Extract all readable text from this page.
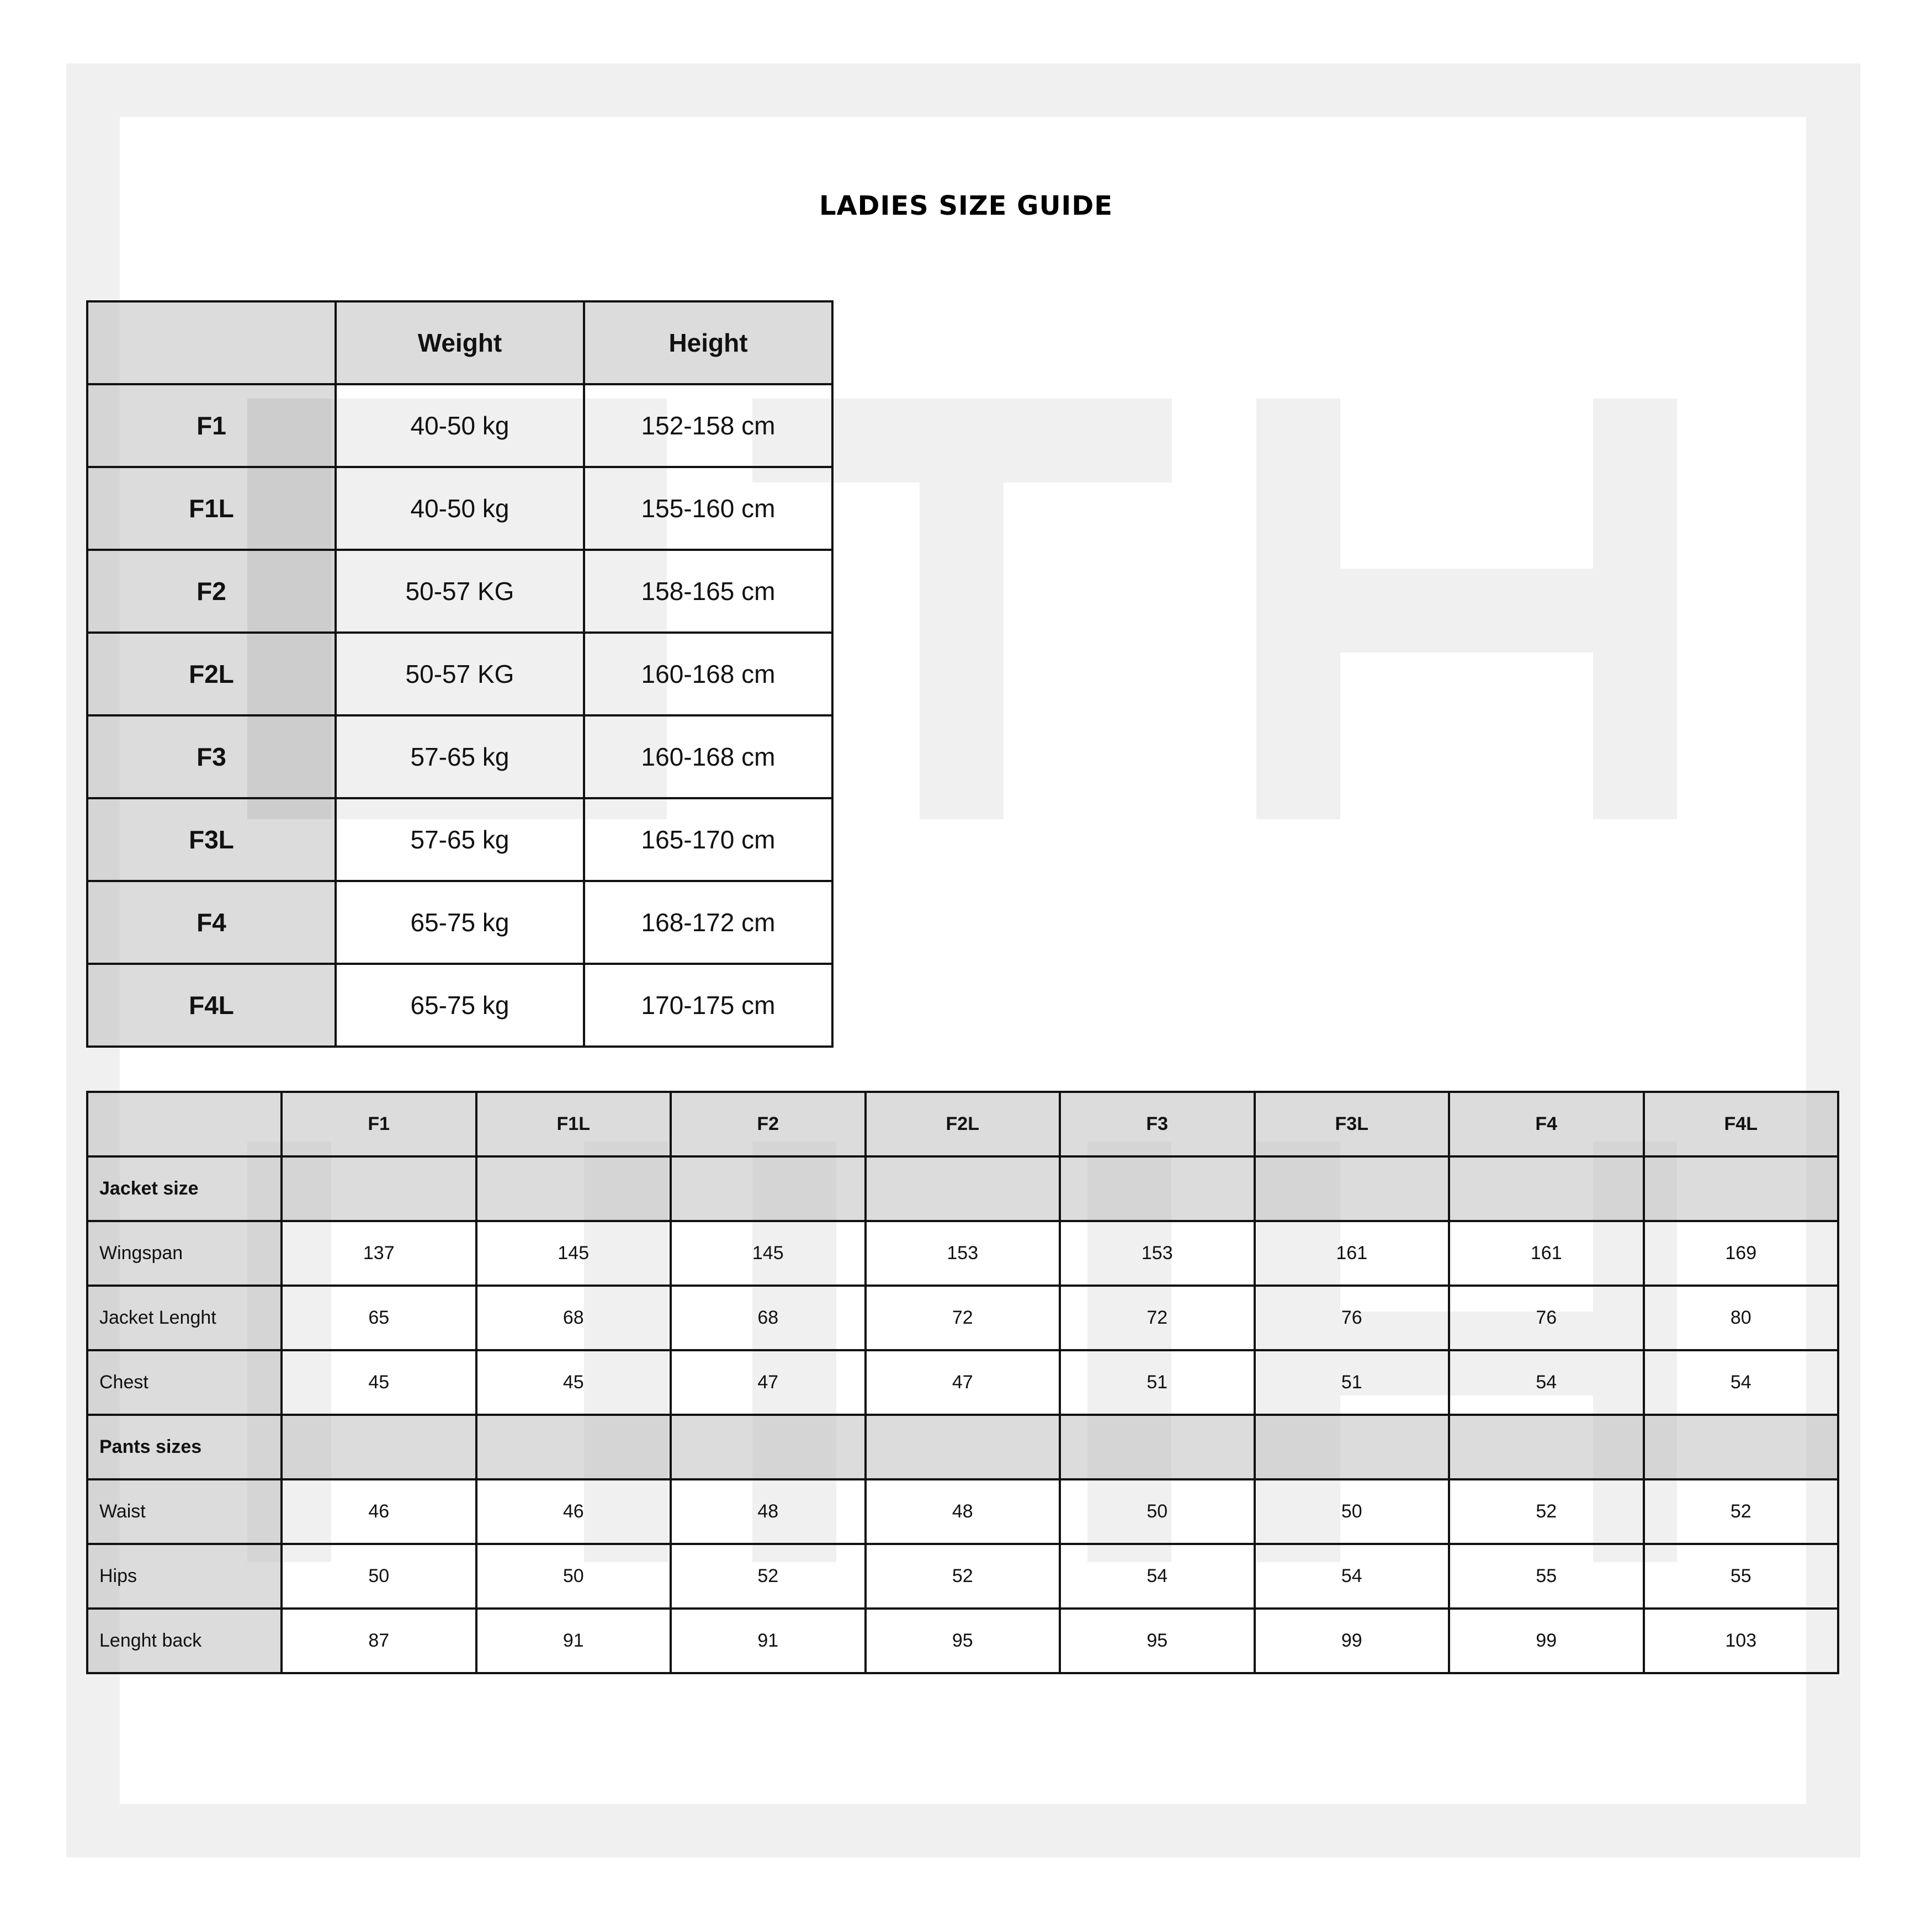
LADIES SIZE GUIDE
	Weight	Height
F1	40-50 kg	152-158 cm
F1L	40-50 kg	155-160 cm
F2	50-57 KG	158-165 cm
F2L	50-57 KG	160-168 cm
F3	57-65 kg	160-168 cm
F3L	57-65 kg	165-170 cm
F4	65-75 kg	168-172 cm
F4L	65-75 kg	170-175 cm
	F1	F1L	F2	F2L	F3	F3L	F4	F4L
Jacket size								
Wingspan	137	145	145	153	153	161	161	169
Jacket Lenght	65	68	68	72	72	76	76	80
Chest	45	45	47	47	51	51	54	54
Pants sizes								
Waist	46	46	48	48	50	50	52	52
Hips	50	50	52	52	54	54	55	55
Lenght back	87	91	91	95	95	99	99	103
